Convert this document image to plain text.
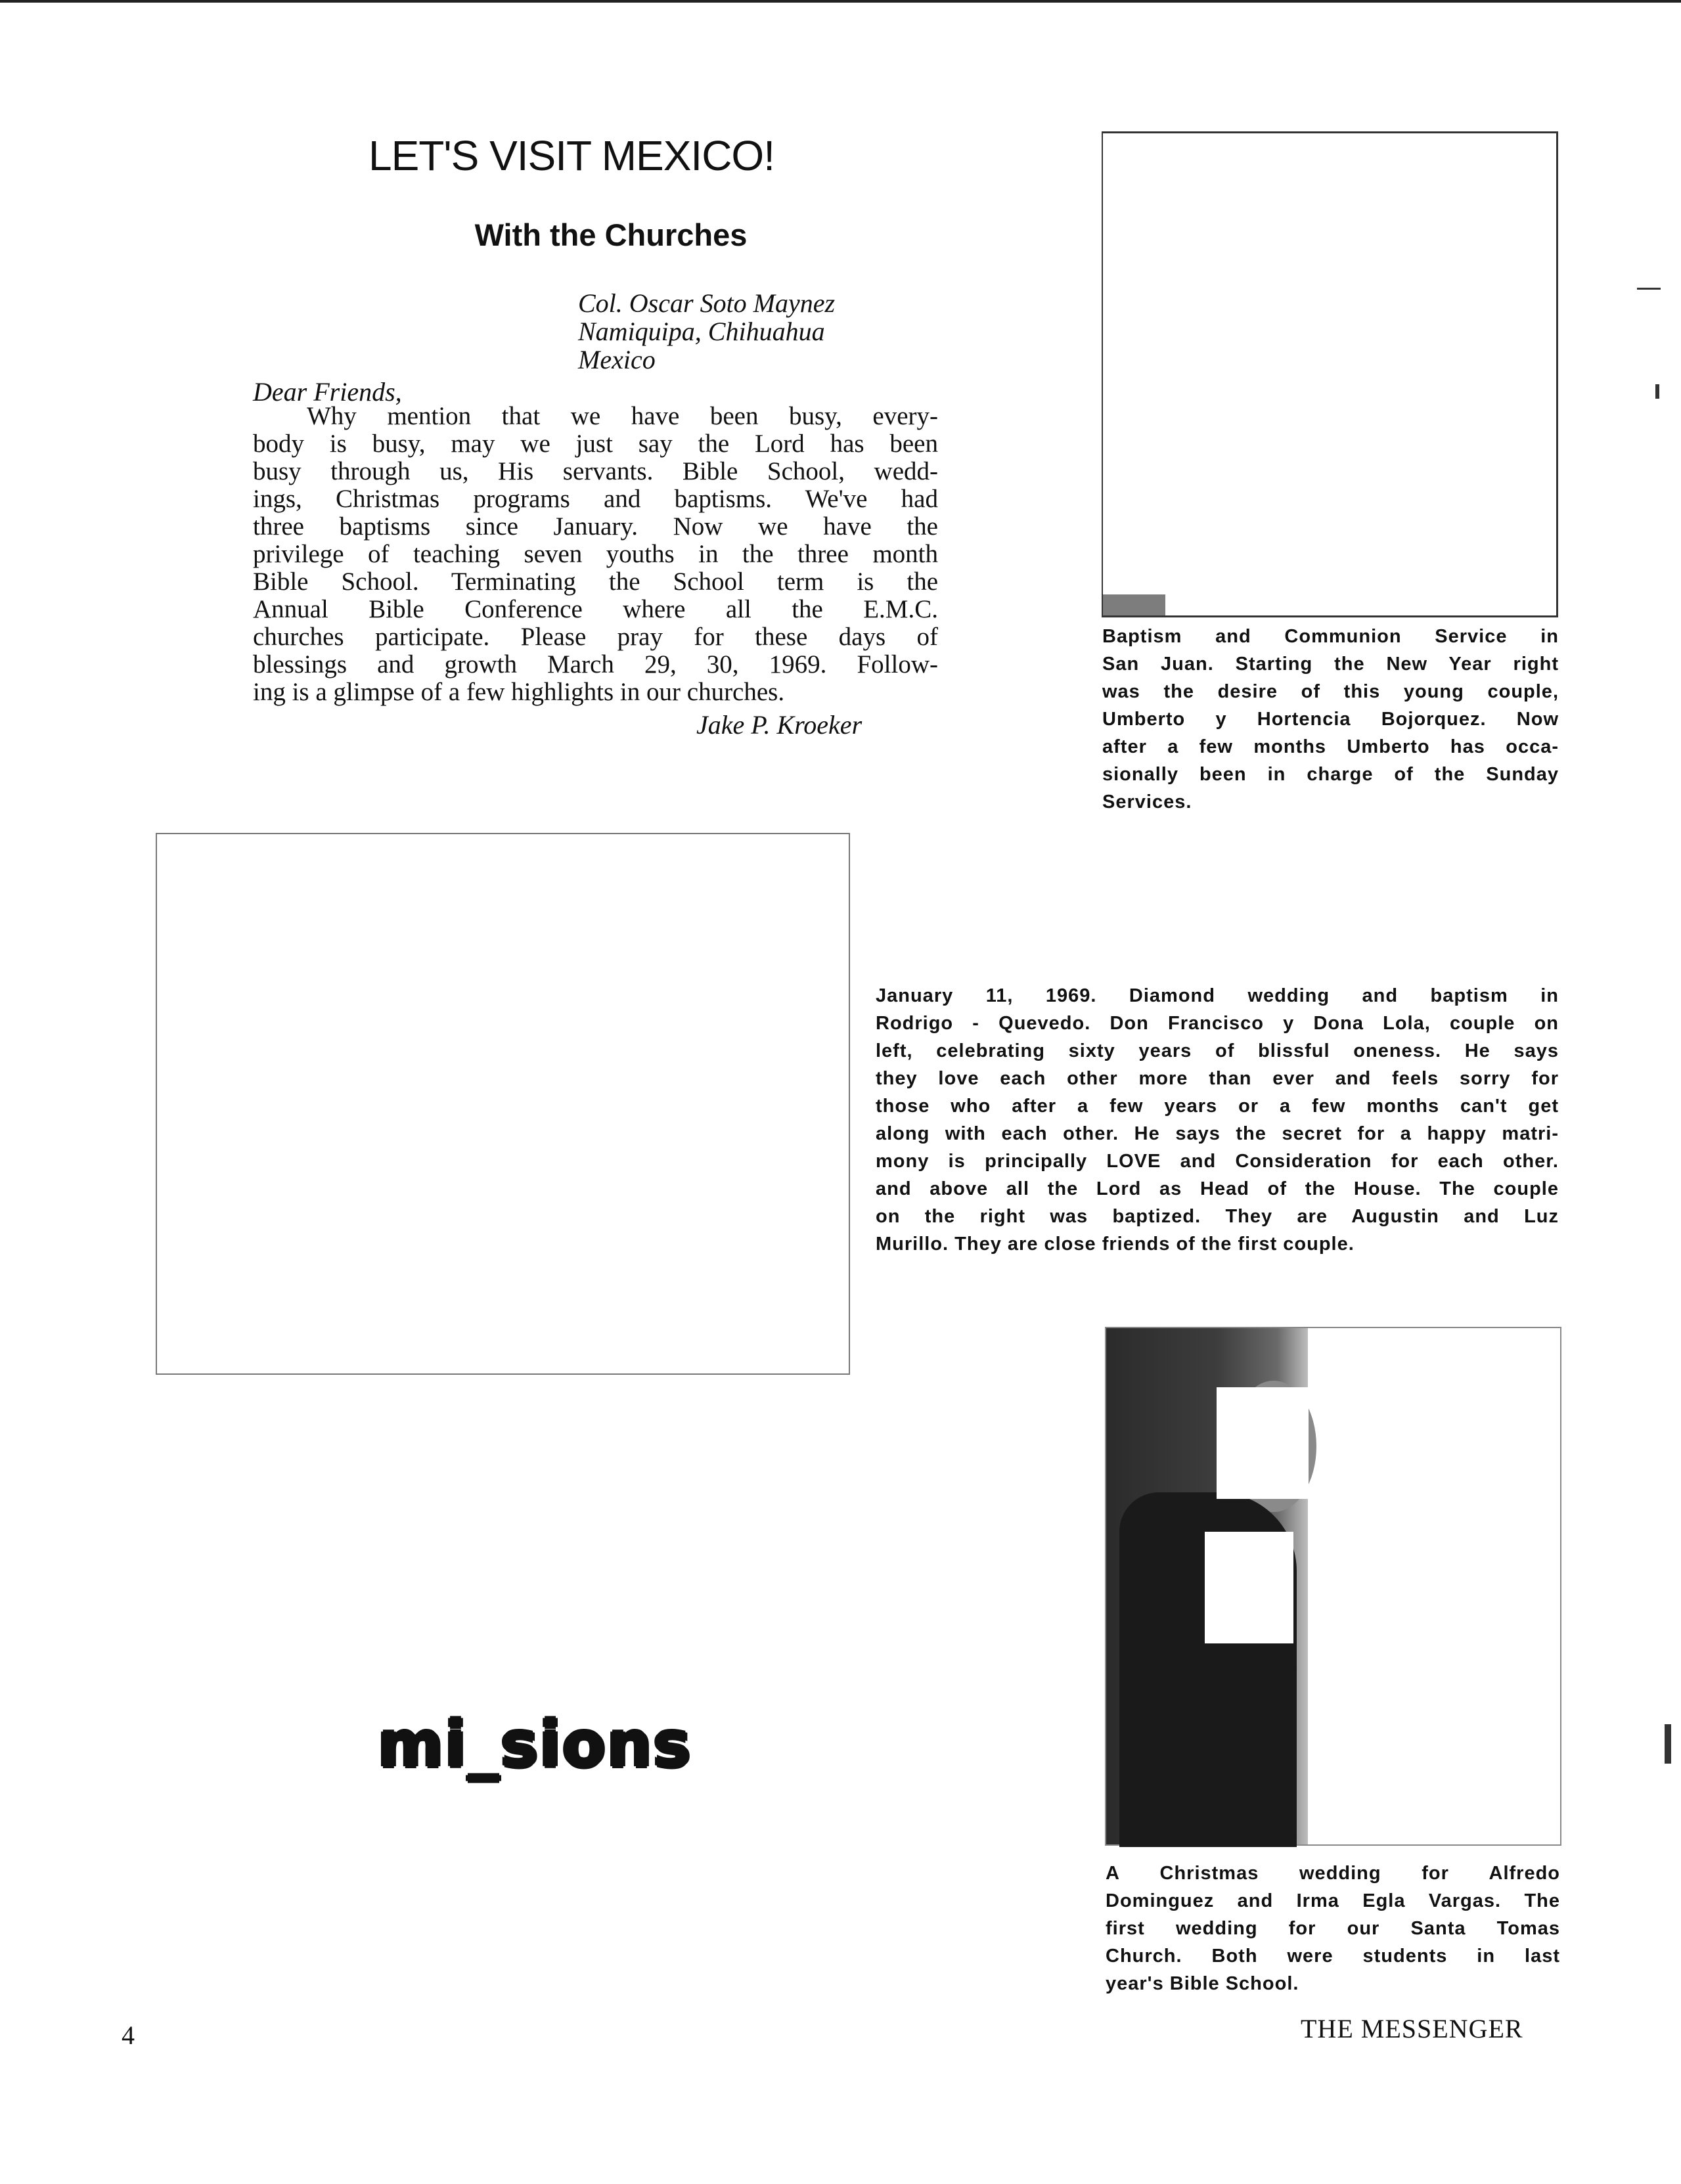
LET'S VISIT MEXICO!
With the Churches
Col. Oscar Soto Maynez
Namiquipa, Chihuahua
Mexico
Dear Friends,
Why mention that we have been busy, every-
body is busy, may we just say the Lord has been
busy through us, His servants. Bible School, wedd-
ings, Christmas programs and baptisms. We've had
three baptisms since January. Now we have the
privilege of teaching seven youths in the three month
Bible School. Terminating the School term is the
Annual Bible Conference where all the E.M.C.
churches participate. Please pray for these days of
blessings and growth March 29, 30, 1969. Follow-
ing is a glimpse of a few highlights in our churches.
Jake P. Kroeker
Baptism and Communion Service in
San Juan. Starting the New Year right
was the desire of this young couple,
Umberto y Hortencia Bojorquez. Now
after a few months Umberto has occa-
sionally been in charge of the Sunday
Services.
January 11, 1969. Diamond wedding and baptism in
Rodrigo - Quevedo. Don Francisco y Dona Lola, couple on
left, celebrating sixty years of blissful oneness. He says
they love each other more than ever and feels sorry for
those who after a few years or a few months can't get
along with each other. He says the secret for a happy matri-
mony is principally LOVE and Consideration for each other.
and above all the Lord as Head of the House. The couple
on the right was baptized. They are Augustin and Luz
Murillo. They are close friends of the first couple.
A Christmas wedding for Alfredo
Dominguez and Irma Egla Vargas. The
first wedding for our Santa Tomas
Church. Both were students in last
year's Bible School.
mi_sions
4	THE MESSENGER
